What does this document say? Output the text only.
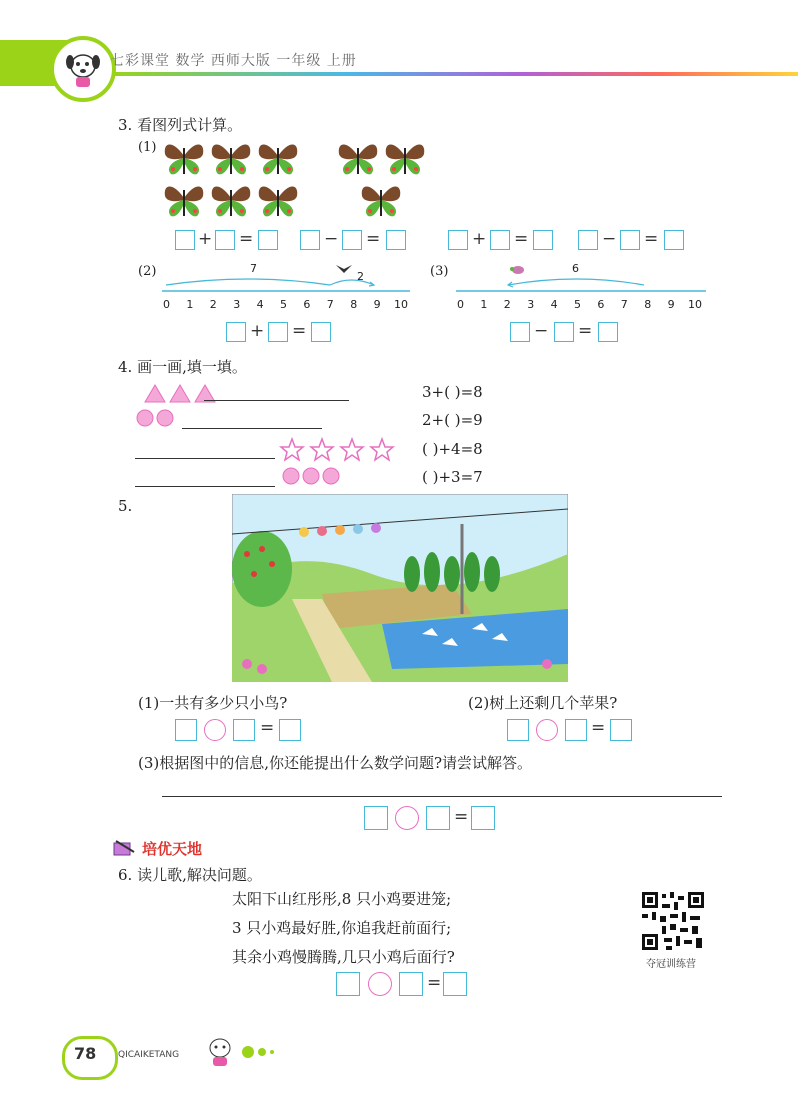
七彩课堂 数学 西师大版 一年级 上册
3. 看图列式计算。
(1)
+ =	− =	+ =	− =
(2)	(3)
7
2
6
0 1 2 3 4 5 6 7 8 9 10	0 1 2 3 4 5 6 7 8 9 10
+ =	− =
4. 画一画,填一填。
3+( )=8
2+( )=9
( )+4=8
( )+3=7
5.
(1)一共有多少只小鸟?	(2)树上还剩几个苹果?
=	=
(3)根据图中的信息,你还能提出什么数学问题?请尝试解答。
=
培优天地
6. 读儿歌,解决问题。
太阳下山红彤彤,8 只小鸡要进笼;
3 只小鸡最好胜,你追我赶前面行;
其余小鸡慢腾腾,几只小鸡后面行?	夺冠训练营
=
78 QICAIKETANG
